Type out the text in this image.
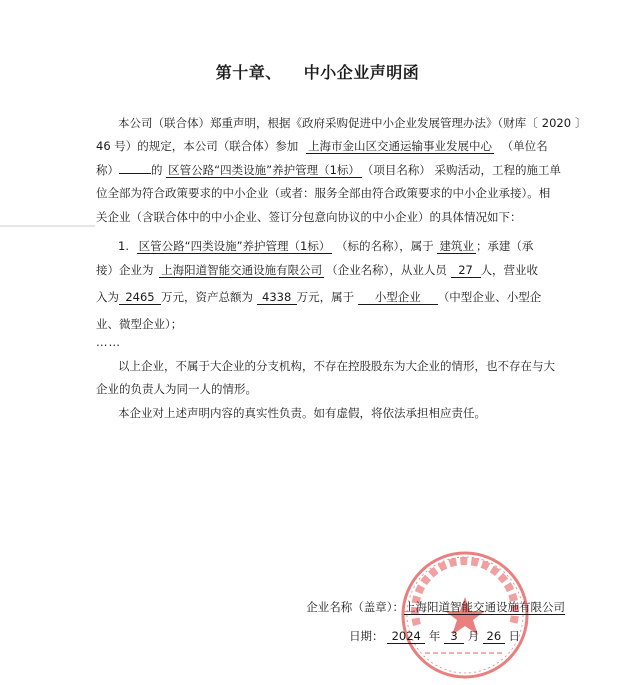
第十章、 中小企业声明函
本公司（联合体）郑重声明，根据《政府采购促进中小企业发展管理办法》（财库〔 2020 〕
46 号）的规定，本公司（联合体）参加 上海市金山区交通运输事业发展中心 （单位名
称）	的 区管公路“四类设施”养护管理（1标） （项目名称） 采购活动，工程的施工单
位全部为符合政策要求的中小企业（或者：服务全部由符合政策要求的中小企业承接）。相
关企业（含联合体中的中小企业、签订分包意向协议的中小企业）的具体情况如下：
1. 区管公路“四类设施”养护管理（1标） （标的名称），属于 建筑业 ；承建（承
接）企业为 上海阳道智能交通设施有限公司 （企业名称），从业人员 27 人，营业收
入为 2465 万元，资产总额为 4338 万元，属于 小型企业 （中型企业、小型企
业、微型企业）；
……
以上企业，不属于大企业的分支机构，不存在控股股东为大企业的情形，也不存在与大
企业的负责人为同一人的情形。
本企业对上述声明内容的真实性负责。如有虚假，将依法承担相应责任。
企业名称（盖章）：上海阳道智能交通设施有限公司
日期： 2024 年 3 月 26 日
